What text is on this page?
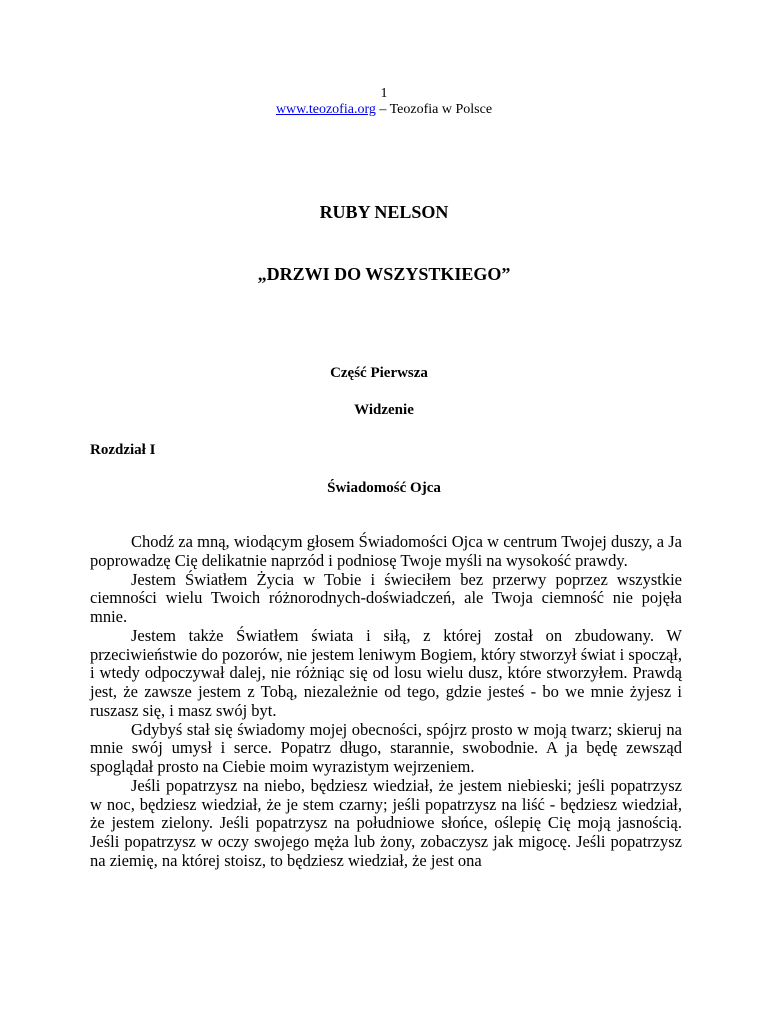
1
www.teozofia.org – Teozofia w Polsce
RUBY NELSON
„DRZWI DO WSZYSTKIEGO”
Część Pierwsza
Widzenie
Rozdział I
Świadomość Ojca

Chodź za mną, wiodącym głosem Świadomości Ojca w centrum Twojej duszy, a Ja poprowadzę Cię delikatnie naprzód i podniosę Twoje myśli na wysokość prawdy.

Jestem Światłem Życia w Tobie i świeciłem bez przerwy poprzez wszystkie ciemności wielu Twoich różnorodnych-doświadczeń, ale Twoja ciemność nie pojęła mnie.

Jestem także Światłem świata i siłą, z której został on zbudowany. W przeciwieństwie do pozorów, nie jestem leniwym Bogiem, który stworzył świat i spoczął, i wtedy odpoczywał dalej, nie różniąc się od losu wielu dusz, które stworzyłem. Prawdą jest, że zawsze jestem z Tobą, niezależnie od tego, gdzie jesteś - bo we mnie żyjesz i ruszasz się, i masz swój byt.

Gdybyś stał się świadomy mojej obecności, spójrz prosto w moją twarz; skieruj na mnie swój umysł i serce. Popatrz długo, starannie, swobodnie. A ja będę zewsząd spoglądał prosto na Ciebie moim wyrazistym wejrzeniem.

Jeśli popatrzysz na niebo, będziesz wiedział, że jestem niebieski; jeśli popatrzysz w noc, będziesz wiedział, że je stem czarny; jeśli popatrzysz na liść - będziesz wiedział, że jestem zielony. Jeśli popatrzysz na południowe słońce, oślepię Cię moją jasnością. Jeśli popatrzysz w oczy swojego męża lub żony, zobaczysz jak migocę. Jeśli popatrzysz na ziemię, na której stoisz, to będziesz wiedział, że jest ona
